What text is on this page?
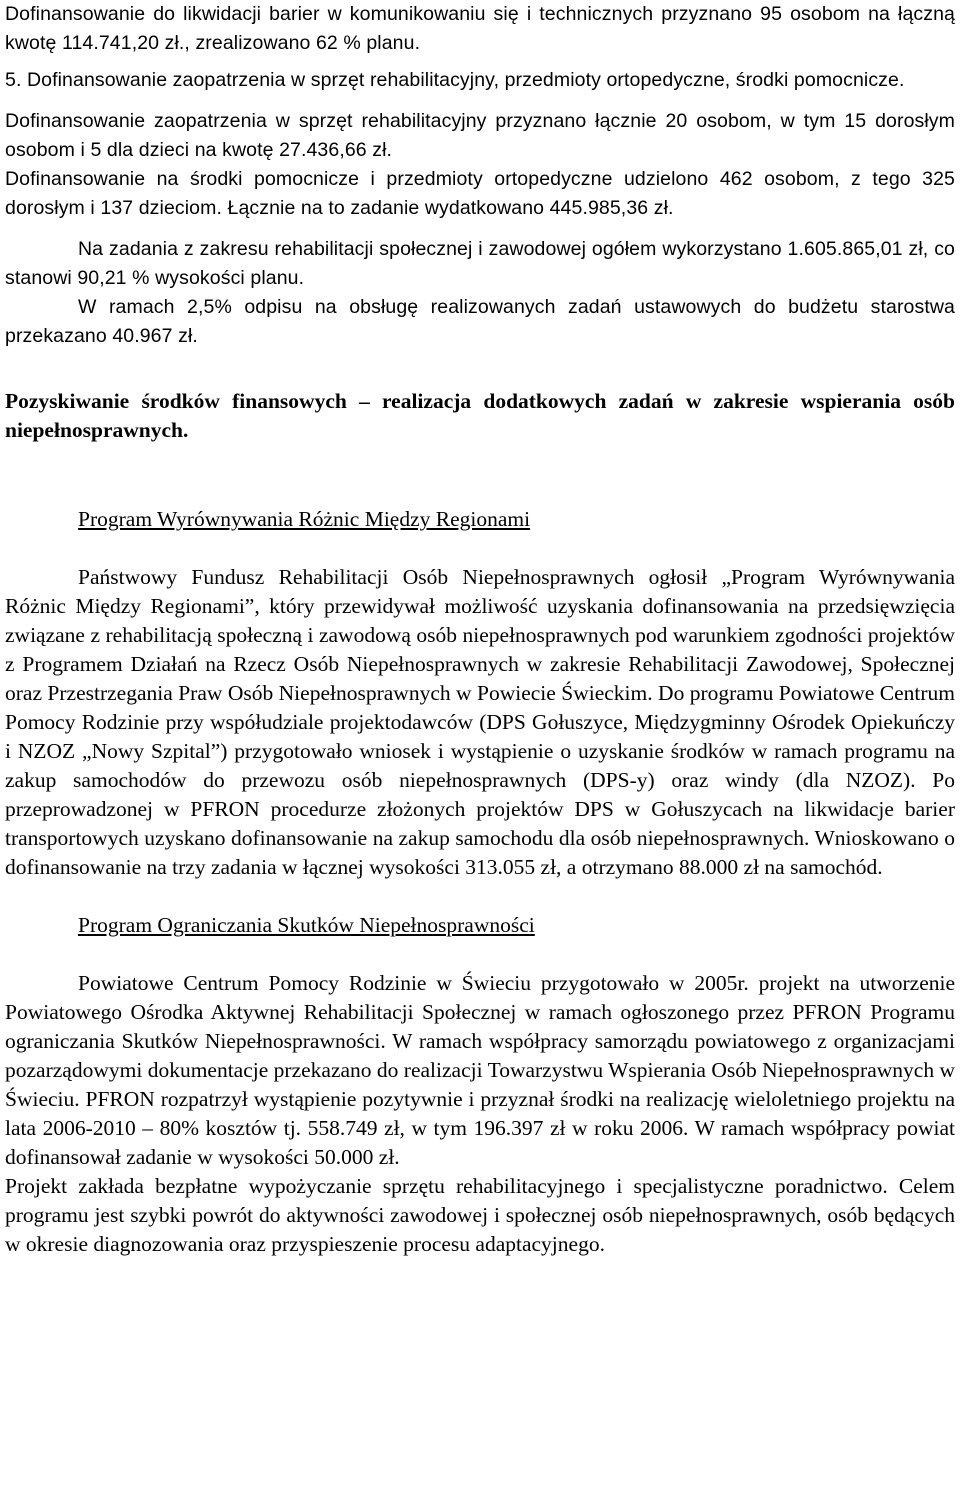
Dofinansowanie do likwidacji barier w komunikowaniu się i technicznych przyznano 95 osobom na łączną kwotę 114.741,20 zł., zrealizowano 62 % planu.

5. Dofinansowanie zaopatrzenia w sprzęt rehabilitacyjny, przedmioty ortopedyczne, środki pomocnicze.

Dofinansowanie zaopatrzenia w sprzęt rehabilitacyjny przyznano łącznie 20 osobom, w tym 15 dorosłym osobom i 5 dla dzieci na kwotę 27.436,66 zł.

Dofinansowanie na środki pomocnicze i przedmioty ortopedyczne udzielono 462 osobom, z tego 325 dorosłym i 137 dzieciom. Łącznie na to zadanie wydatkowano 445.985,36 zł.

Na zadania z zakresu rehabilitacji społecznej i zawodowej ogółem wykorzystano 1.605.865,01 zł, co stanowi 90,21 % wysokości planu.

W ramach 2,5% odpisu na obsługę realizowanych zadań ustawowych do budżetu starostwa przekazano 40.967 zł.

Pozyskiwanie środków finansowych – realizacja dodatkowych zadań w zakresie wspierania osób niepełnosprawnych.

Program Wyrównywania Różnic Między Regionami

Państwowy Fundusz Rehabilitacji Osób Niepełnosprawnych ogłosił „Program Wyrównywania Różnic Między Regionami”, który przewidywał możliwość uzyskania dofinansowania na przedsięwzięcia związane z rehabilitacją społeczną i zawodową osób niepełnosprawnych pod warunkiem zgodności projektów z Programem Działań na Rzecz Osób Niepełnosprawnych w zakresie Rehabilitacji Zawodowej, Społecznej oraz Przestrzegania Praw Osób Niepełnosprawnych w Powiecie Świeckim. Do programu Powiatowe Centrum Pomocy Rodzinie przy współudziale projektodawców (DPS Gołuszyce, Międzygminny Ośrodek Opiekuńczy i NZOZ „Nowy Szpital”) przygotowało wniosek i wystąpienie o uzyskanie środków w ramach programu na zakup samochodów do przewozu osób niepełnosprawnych (DPS-y) oraz windy (dla NZOZ). Po przeprowadzonej w PFRON procedurze złożonych projektów DPS w Gołuszycach na likwidacje barier transportowych uzyskano dofinansowanie na zakup samochodu dla osób niepełnosprawnych. Wnioskowano o dofinansowanie na trzy zadania w łącznej wysokości 313.055 zł, a otrzymano 88.000 zł na samochód.

Program Ograniczania Skutków Niepełnosprawności

Powiatowe Centrum Pomocy Rodzinie w Świeciu przygotowało w 2005r. projekt na utworzenie Powiatowego Ośrodka Aktywnej Rehabilitacji Społecznej w ramach ogłoszonego przez PFRON Programu ograniczania Skutków Niepełnosprawności. W ramach współpracy samorządu powiatowego z organizacjami pozarządowymi dokumentacje przekazano do realizacji Towarzystwu Wspierania Osób Niepełnosprawnych w Świeciu. PFRON rozpatrzył wystąpienie pozytywnie i przyznał środki na realizację wieloletniego projektu na lata 2006-2010 – 80% kosztów tj. 558.749 zł, w tym 196.397 zł w roku 2006. W ramach współpracy powiat dofinansował zadanie w wysokości 50.000 zł.

Projekt zakłada bezpłatne wypożyczanie sprzętu rehabilitacyjnego i specjalistyczne poradnictwo. Celem programu jest szybki powrót do aktywności zawodowej i społecznej osób niepełnosprawnych, osób będących w okresie diagnozowania oraz przyspieszenie procesu adaptacyjnego.
